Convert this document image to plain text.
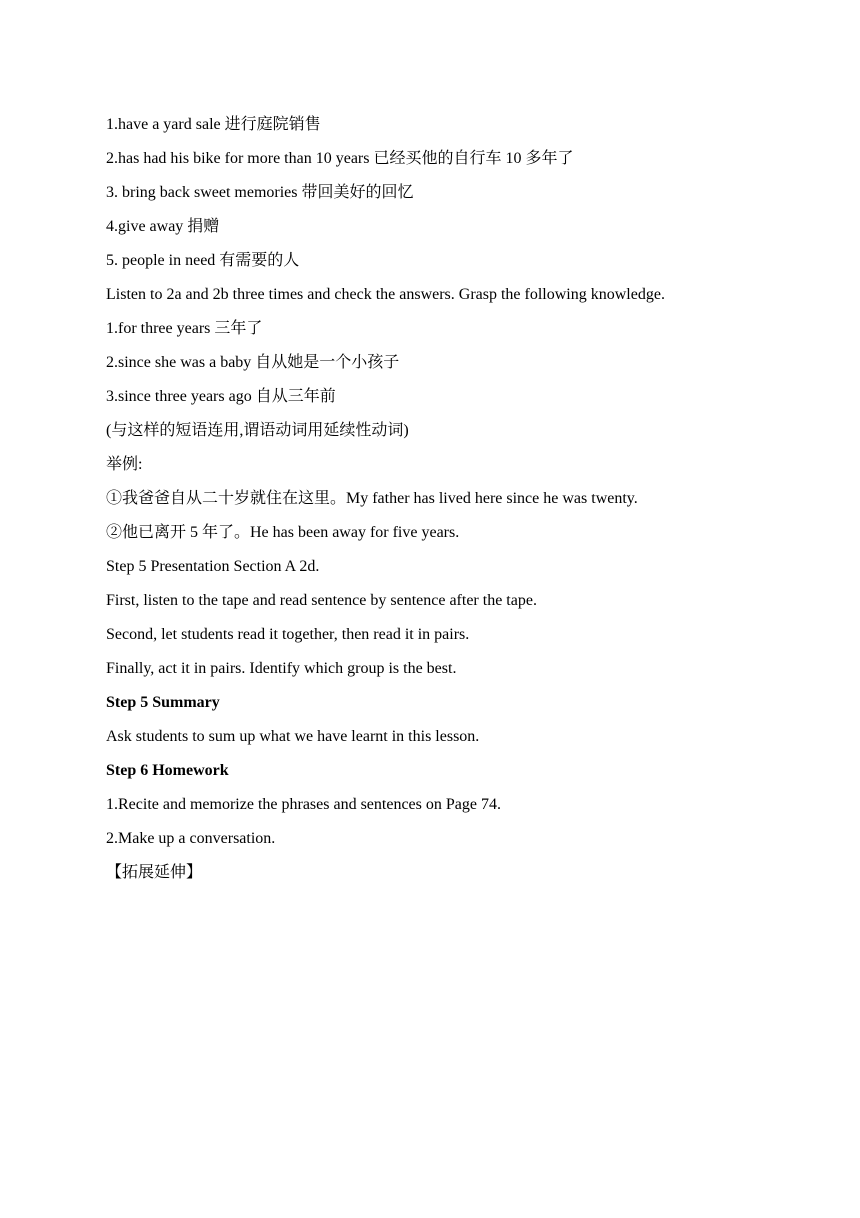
1.have a yard sale 进行庭院销售
2.has had his bike for more than 10 years 已经买他的自行车 10 多年了
3. bring back sweet memories 带回美好的回忆
4.give away 捐赠
5. people in need 有需要的人
Listen to 2a and 2b three times and check the answers. Grasp the following knowledge.
1.for three years 三年了
2.since she was a baby 自从她是一个小孩子
3.since three years ago 自从三年前
(与这样的短语连用,谓语动词用延续性动词)
举例:
①我爸爸自从二十岁就住在这里。My father has lived here since he was twenty.
②他已离开 5 年了。He has been away for five years.
Step 5 Presentation Section A 2d.
First, listen to the tape and read sentence by sentence after the tape.
Second, let students read it together, then read it in pairs.
Finally, act it in pairs. Identify which group is the best.
Step 5 Summary
Ask students to sum up what we have learnt in this lesson.
Step 6 Homework
1.Recite and memorize the phrases and sentences on Page 74.
2.Make up a conversation.
【拓展延伸】
